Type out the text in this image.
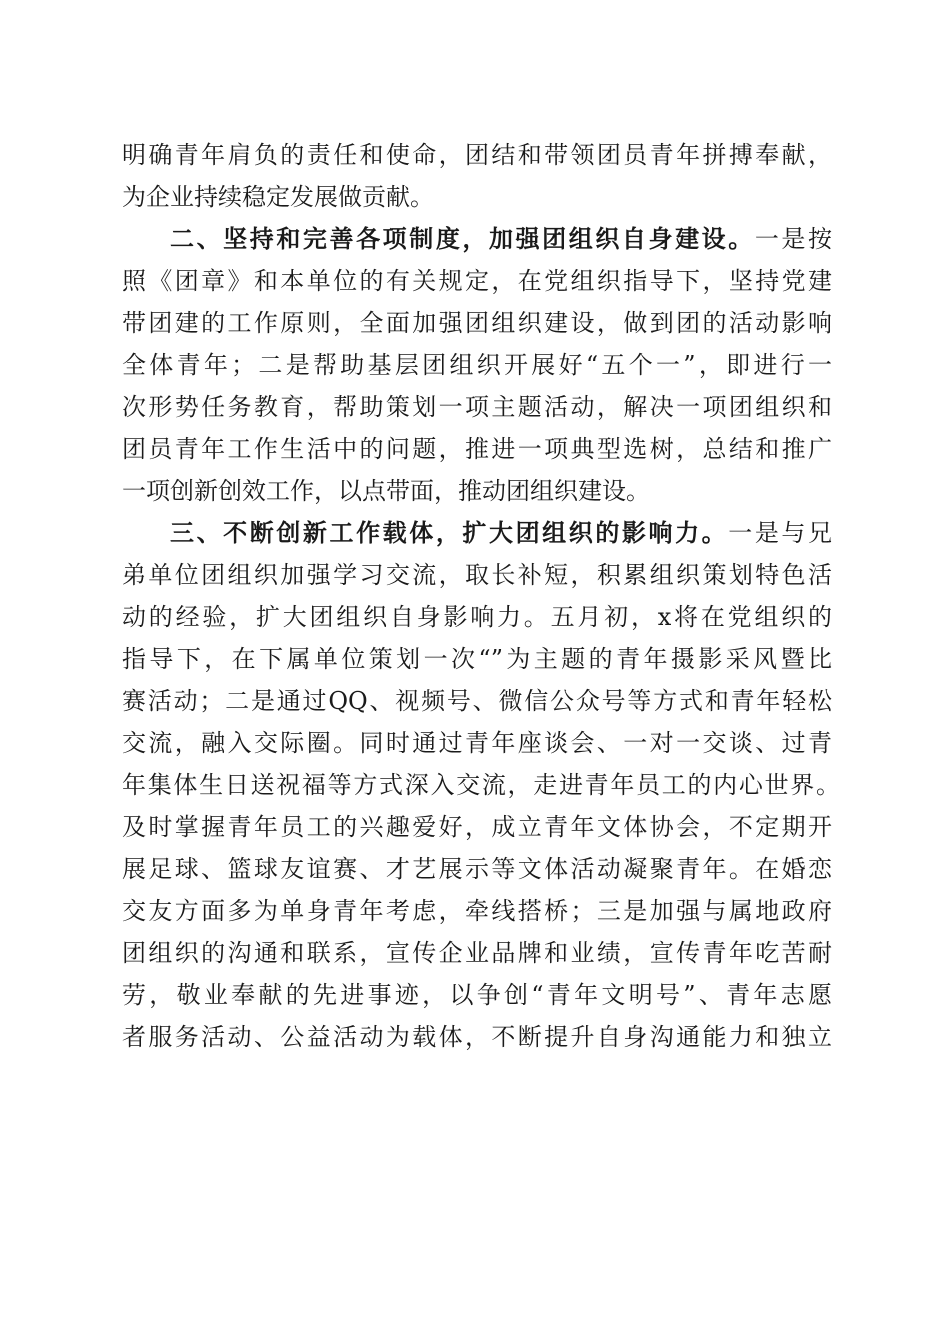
明确青年肩负的责任和使命，团结和带领团员青年拼搏奉献，
为企业持续稳定发展做贡献。
二、坚持和完善各项制度，加强团组织自身建设。一是按
照《团章》和本单位的有关规定，在党组织指导下，坚持党建
带团建的工作原则，全面加强团组织建设，做到团的活动影响
全体青年；二是帮助基层团组织开展好“五个一”，即进行一
次形势任务教育，帮助策划一项主题活动，解决一项团组织和
团员青年工作生活中的问题，推进一项典型选树，总结和推广
一项创新创效工作，以点带面，推动团组织建设。
三、不断创新工作载体，扩大团组织的影响力。一是与兄
弟单位团组织加强学习交流，取长补短，积累组织策划特色活
动的经验，扩大团组织自身影响力。五月初，x将在党组织的
指导下，在下属单位策划一次“”为主题的青年摄影采风暨比
赛活动；二是通过QQ、视频号、微信公众号等方式和青年轻松
交流，融入交际圈。同时通过青年座谈会、一对一交谈、过青
年集体生日送祝福等方式深入交流，走进青年员工的内心世界。
及时掌握青年员工的兴趣爱好，成立青年文体协会，不定期开
展足球、篮球友谊赛、才艺展示等文体活动凝聚青年。在婚恋
交友方面多为单身青年考虑，牵线搭桥；三是加强与属地政府
团组织的沟通和联系，宣传企业品牌和业绩，宣传青年吃苦耐
劳，敬业奉献的先进事迹，以争创“青年文明号”、青年志愿
者服务活动、公益活动为载体，不断提升自身沟通能力和独立
